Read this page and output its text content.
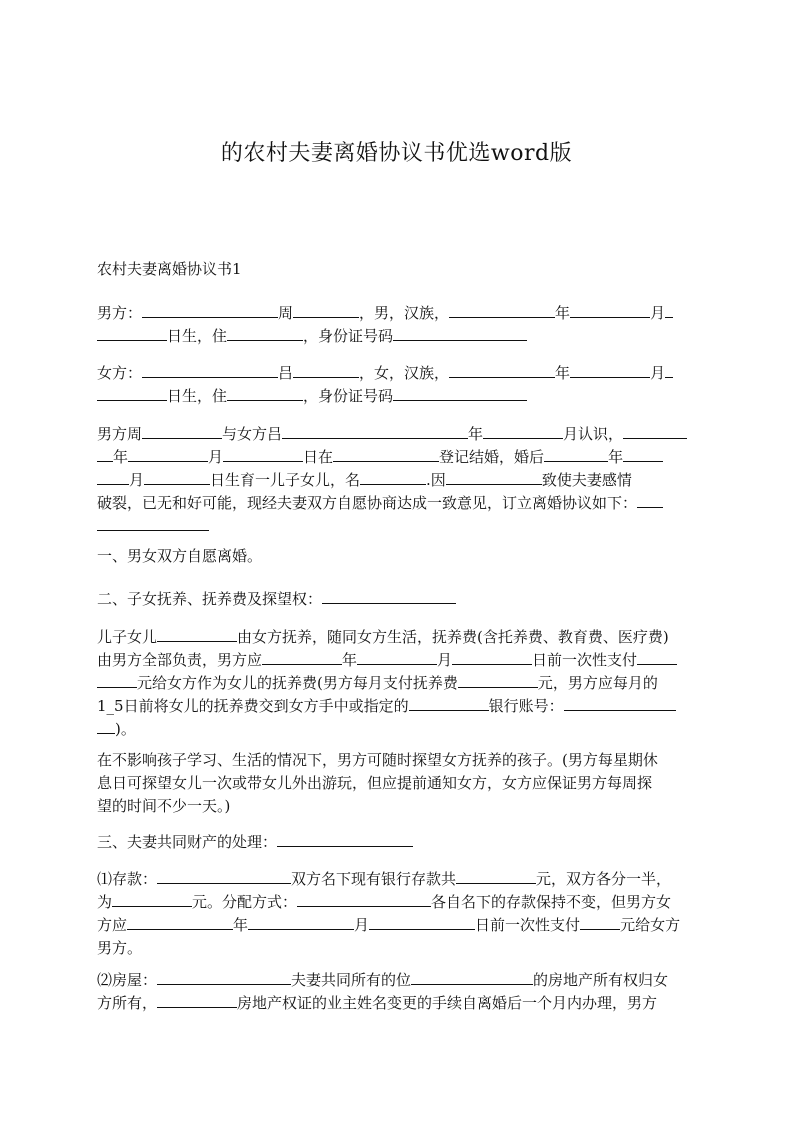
的农村夫妻离婚协议书优选word版

农村夫妻离婚协议书1

男方：	周	，男，汉族，	年	月
日生，住	，身份证号码

女方：	吕	，女，汉族，	年	月
日生，住	，身份证号码

男方周	与女方吕	年	月认识，
年	月	日在	登记结婚，婚后	年
月	日生育一儿子女儿，名	.因	致使夫妻感情
破裂，已无和好可能，现经夫妻双方自愿协商达成一致意见，订立离婚协议如下：

一、男女双方自愿离婚。

二、子女抚养、抚养费及探望权：

儿子女儿	由女方抚养，随同女方生活，抚养费(含托养费、教育费、医疗费)
由男方全部负责，男方应	年	月	日前一次性支付
元给女方作为女儿的抚养费(男方每月支付抚养费	元，男方应每月的
1_5日前将女儿的抚养费交到女方手中或指定的	银行账号：
)。

在不影响孩子学习、生活的情况下，男方可随时探望女方抚养的孩子。(男方每星期休
息日可探望女儿一次或带女儿外出游玩，但应提前通知女方，女方应保证男方每周探
望的时间不少一天。)

三、夫妻共同财产的处理：

⑴存款：	双方名下现有银行存款共	元，双方各分一半，
为	元。分配方式：	各自名下的存款保持不变，但男方女
方应	年	月	日前一次性支付	元给女方
男方。

⑵房屋：	夫妻共同所有的位	的房地产所有权归女
方所有，	房地产权证的业主姓名变更的手续自离婚后一个月内办理，男方
